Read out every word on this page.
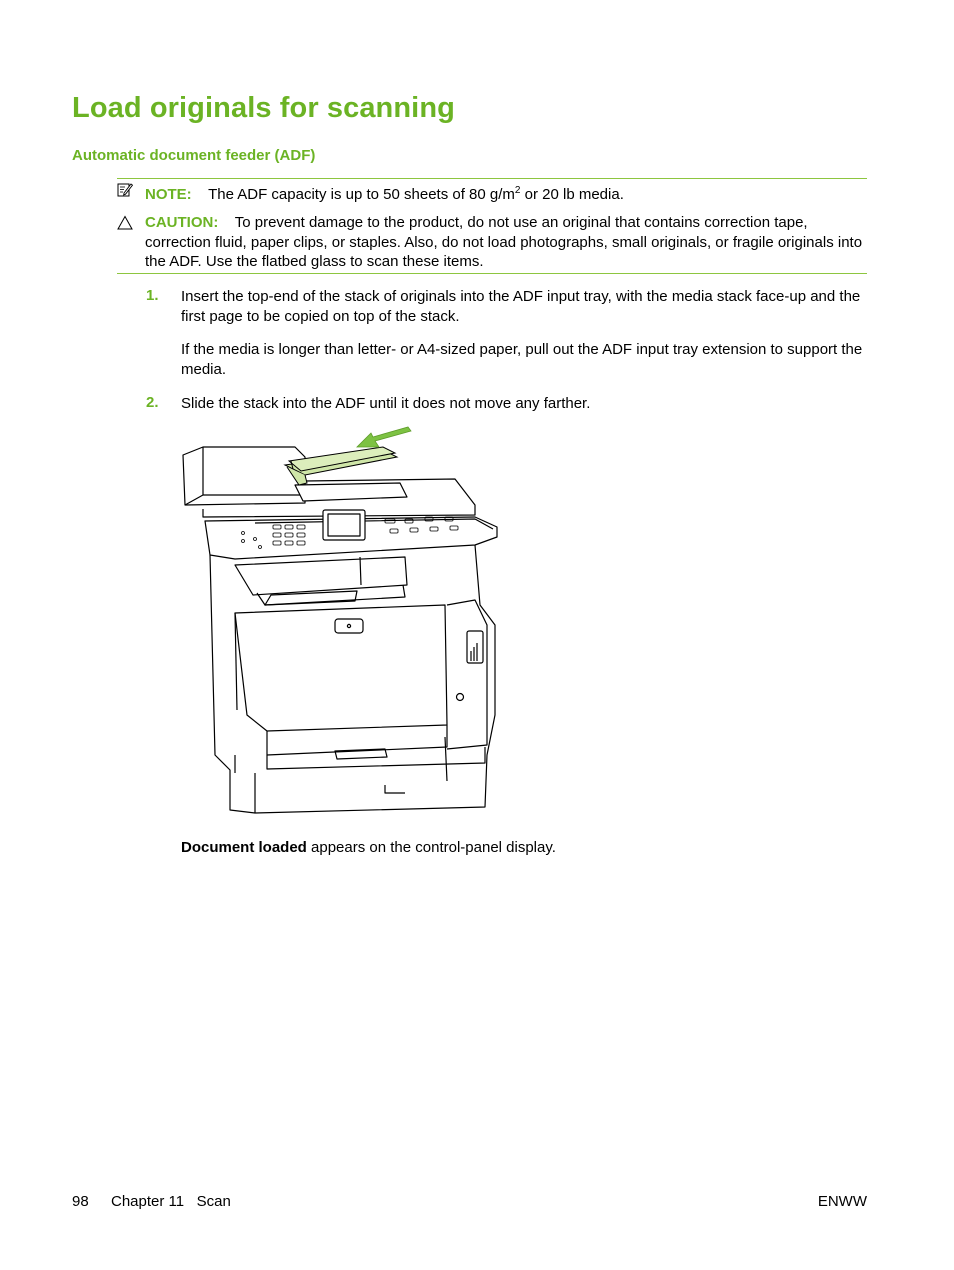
Load originals for scanning
Automatic document feeder (ADF)
NOTE: The ADF capacity is up to 50 sheets of 80 $g/m^2$ or 20 lb media.
CAUTION: To prevent damage to the product, do not use an original that contains correction tape, correction fluid, paper clips, or staples. Also, do not load photographs, small originals, or fragile originals into the ADF. Use the flatbed glass to scan these items.
1. Insert the top-end of the stack of originals into the ADF input tray, with the media stack face-up and the first page to be copied on top of the stack.
If the media is longer than letter- or A4-sized paper, pull out the ADF input tray extension to support the media.
2. Slide the stack into the ADF until it does not move any farther.
Document loaded appears on the control-panel display.
98 Chapter 11   Scan	ENWW
